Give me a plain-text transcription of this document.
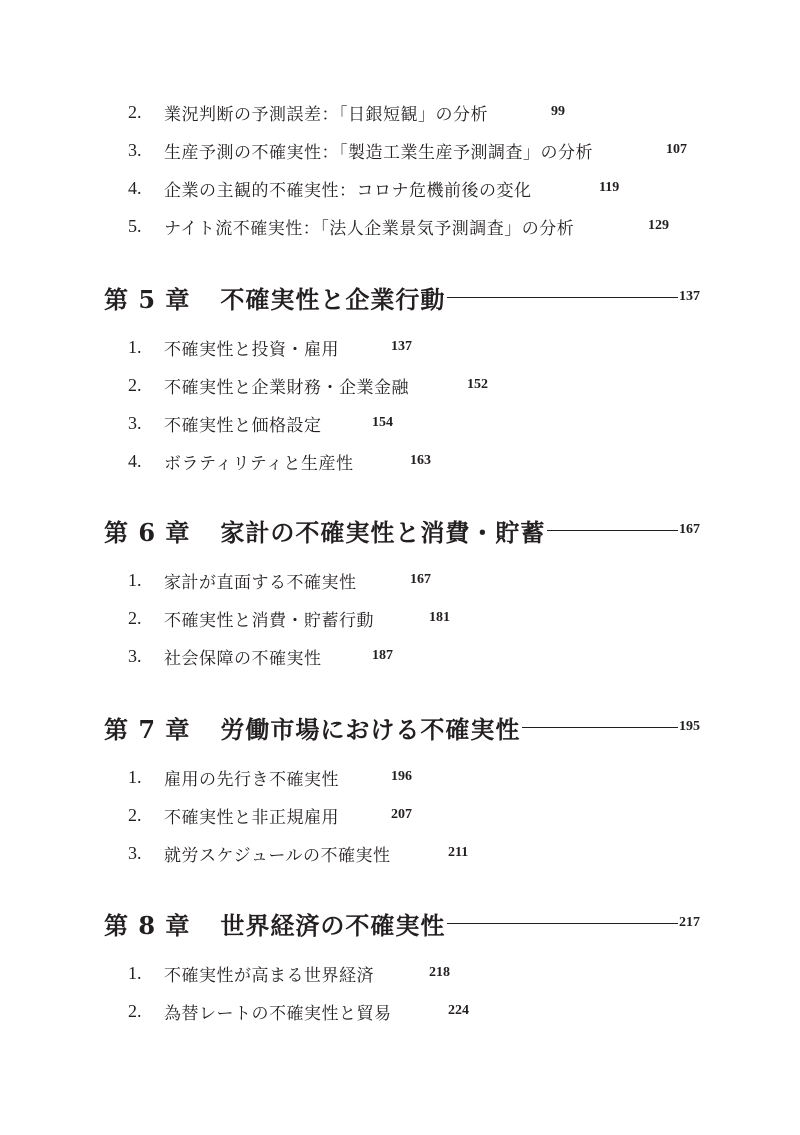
2.	業況判断の予測誤差：「日銀短観」の分析	99
3.	生産予測の不確実性：「製造工業生産予測調査」の分析	107
4.	企業の主観的不確実性：コロナ危機前後の変化	119
5.	ナイト流不確実性：「法人企業景気予測調査」の分析	129
第 5 章 不確実性と企業行動	137
1.	不確実性と投資・雇用	137
2.	不確実性と企業財務・企業金融	152
3.	不確実性と価格設定	154
4.	ボラティリティと生産性	163
第 6 章 家計の不確実性と消費・貯蓄	167
1.	家計が直面する不確実性	167
2.	不確実性と消費・貯蓄行動	181
3.	社会保障の不確実性	187
第 7 章 労働市場における不確実性	195
1.	雇用の先行き不確実性	196
2.	不確実性と非正規雇用	207
3.	就労スケジュールの不確実性	211
第 8 章 世界経済の不確実性	217
1.	不確実性が高まる世界経済	218
2.	為替レートの不確実性と貿易	224
